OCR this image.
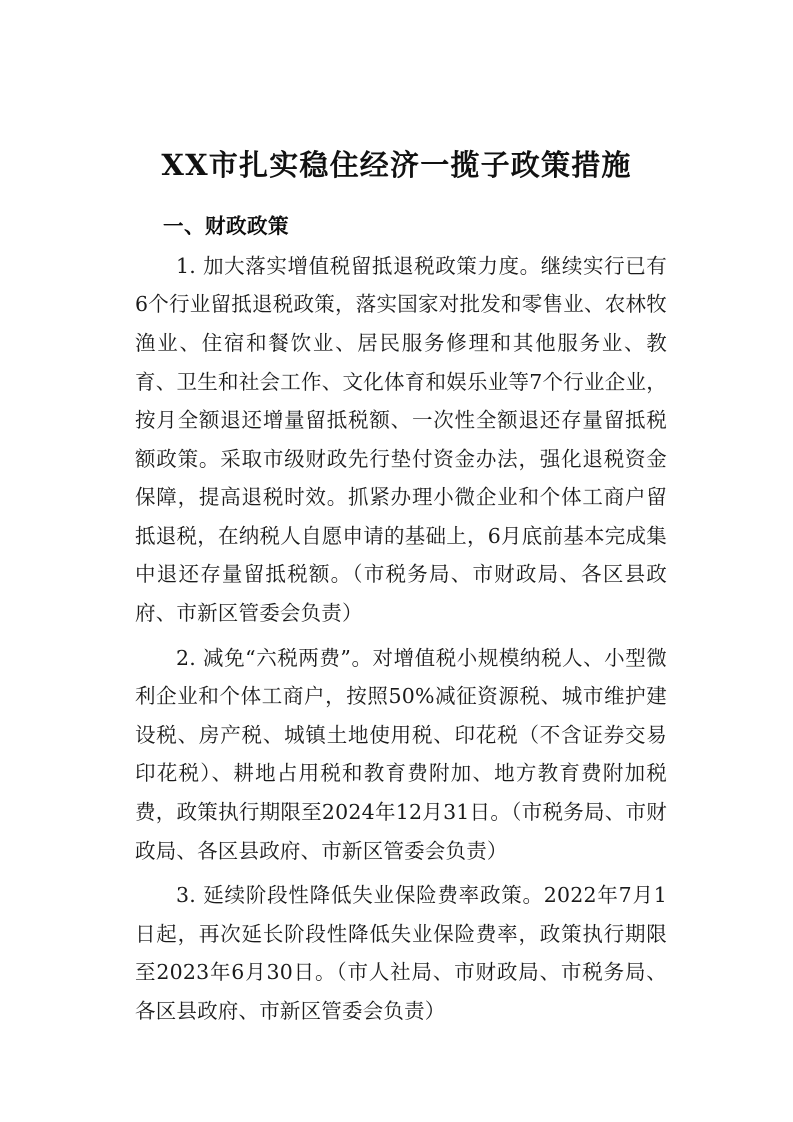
XX市扎实稳住经济一揽子政策措施
一、财政政策

1. 加大落实增值税留抵退税政策力度。继续实行已有6个行业留抵退税政策，落实国家对批发和零售业、农林牧渔业、住宿和餐饮业、居民服务修理和其他服务业、教育、卫生和社会工作、文化体育和娱乐业等7个行业企业，按月全额退还增量留抵税额、一次性全额退还存量留抵税额政策。采取市级财政先行垫付资金办法，强化退税资金保障，提高退税时效。抓紧办理小微企业和个体工商户留抵退税，在纳税人自愿申请的基础上，6月底前基本完成集中退还存量留抵税额。（市税务局、市财政局、各区县政府、市新区管委会负责）

2. 减免“六税两费”。对增值税小规模纳税人、小型微利企业和个体工商户，按照50%减征资源税、城市维护建设税、房产税、城镇土地使用税、印花税（不含证券交易印花税）、耕地占用税和教育费附加、地方教育费附加税费，政策执行期限至2024年12月31日。（市税务局、市财政局、各区县政府、市新区管委会负责）

3. 延续阶段性降低失业保险费率政策。2022年7月1日起，再次延长阶段性降低失业保险费率，政策执行期限至2023年6月30日。（市人社局、市财政局、市税务局、各区县政府、市新区管委会负责）
